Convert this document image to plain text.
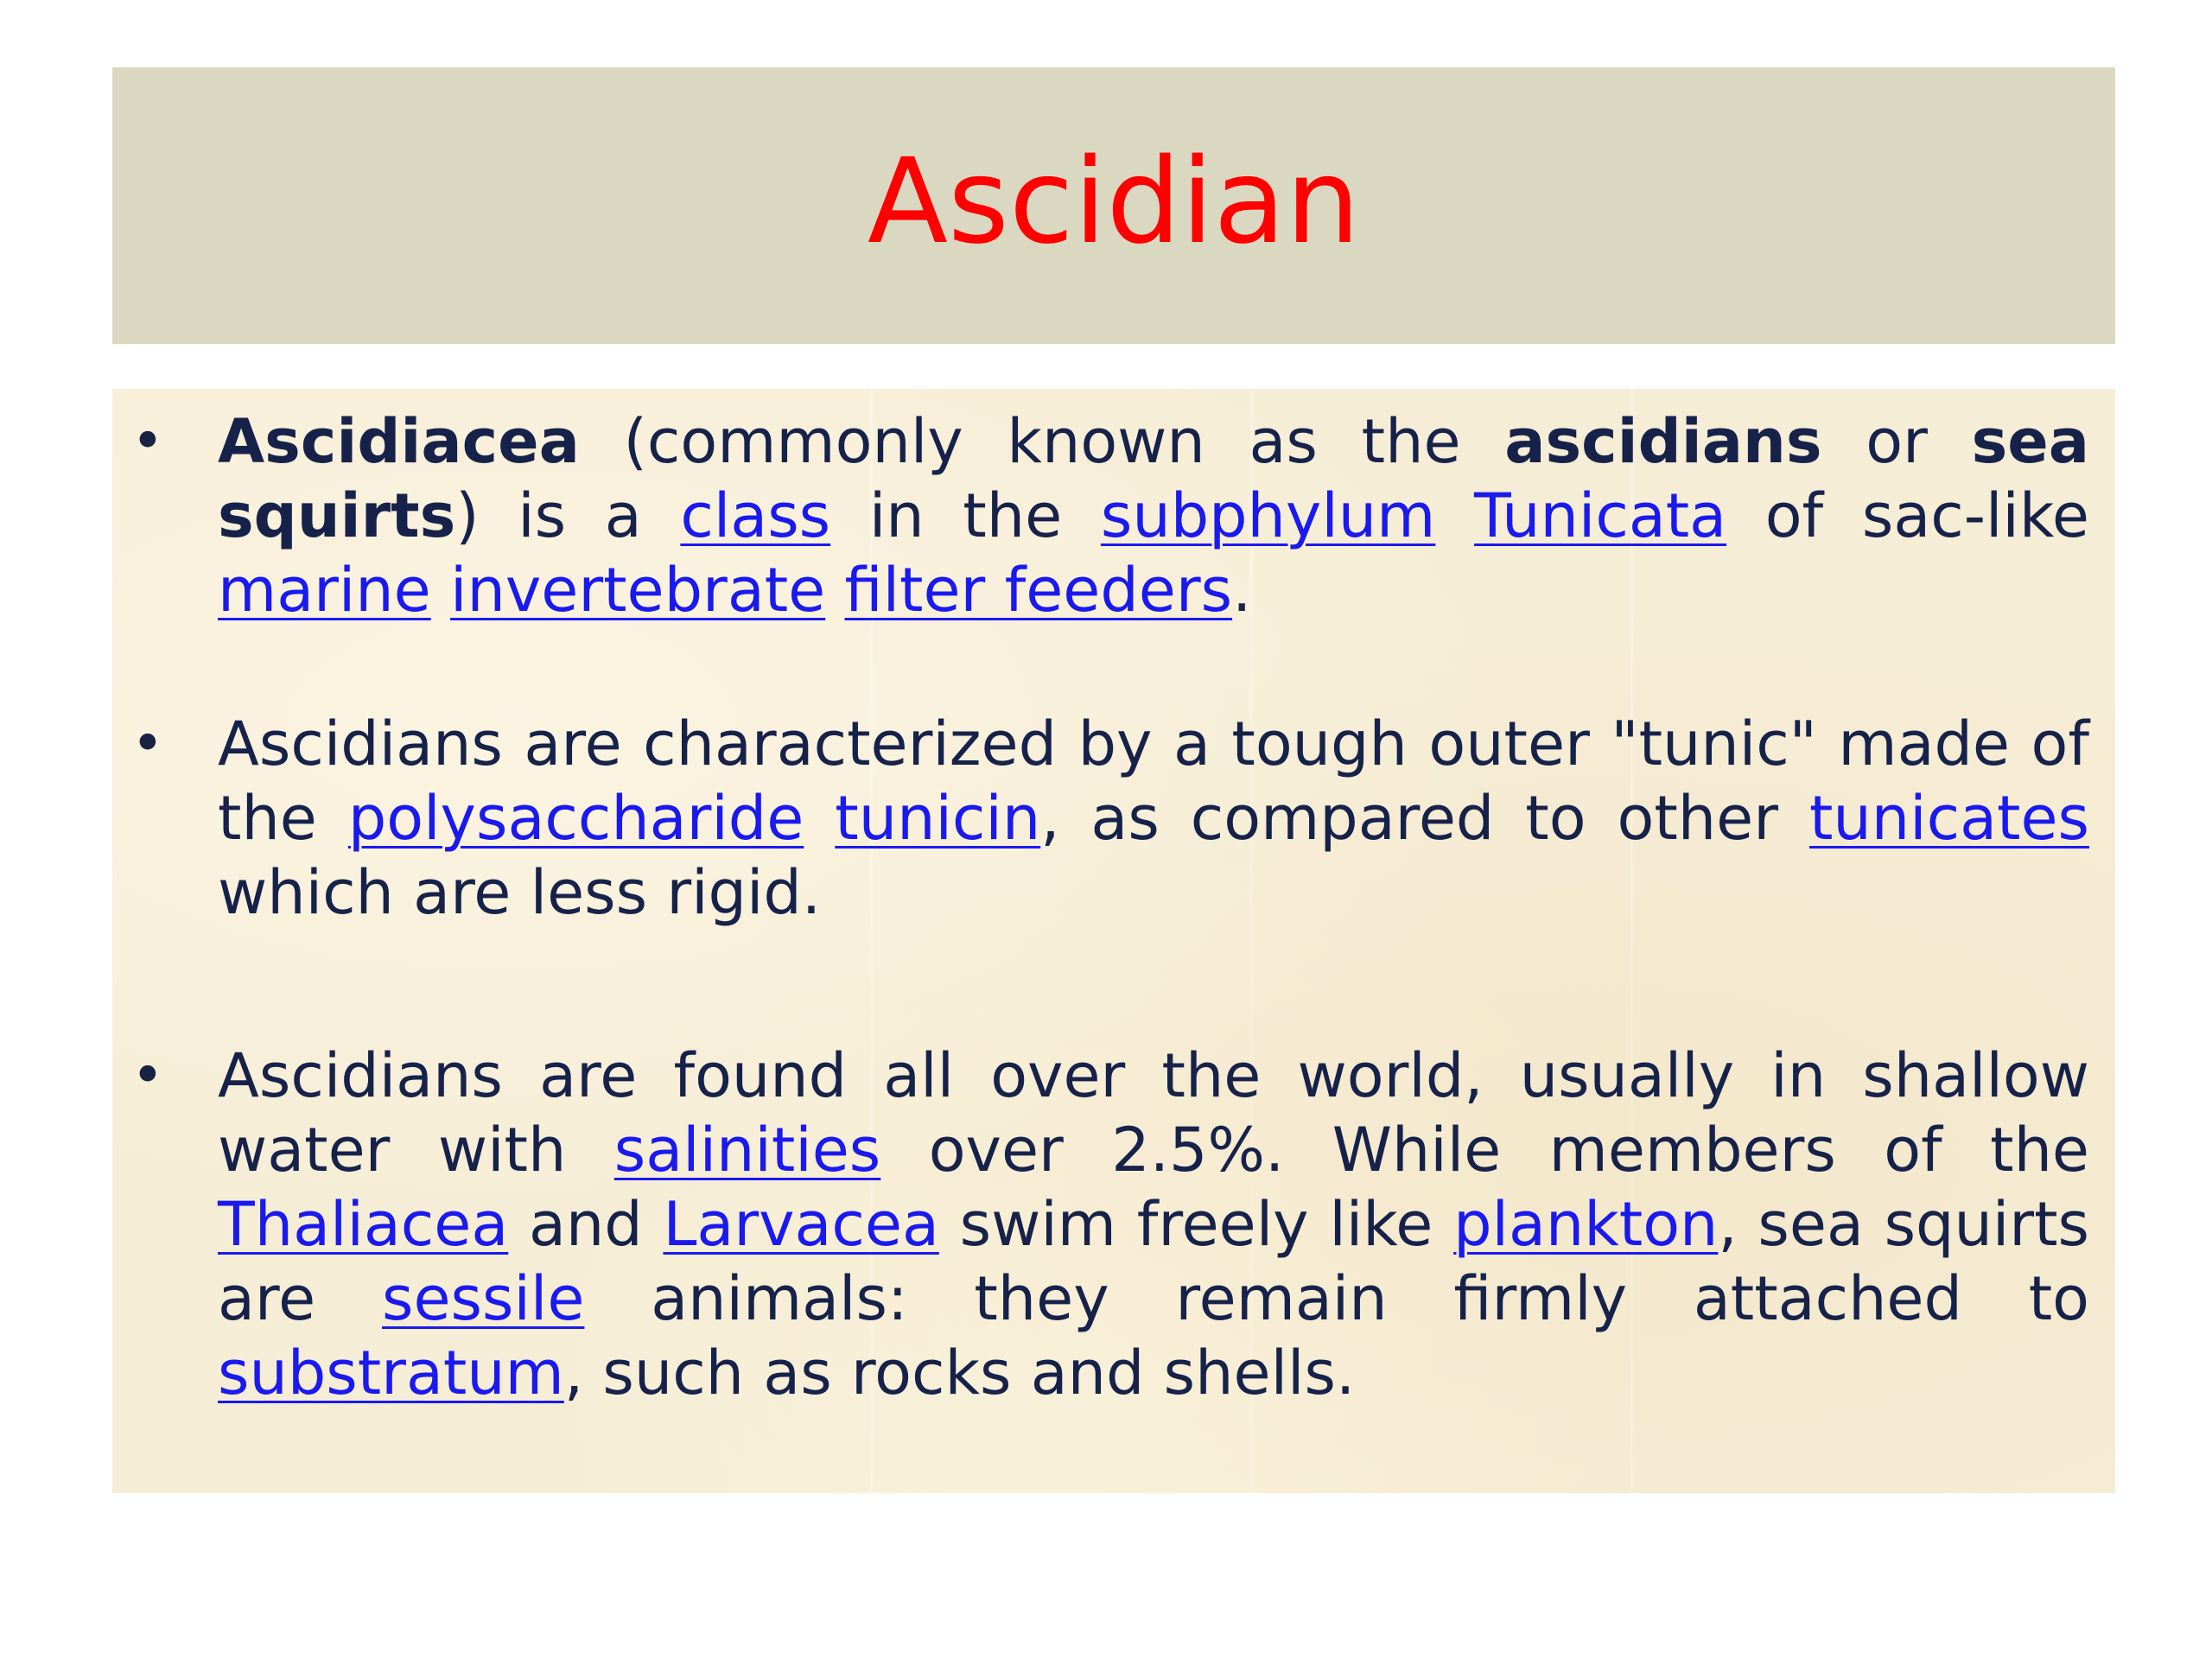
Ascidian
• Ascidiacea (commonly known as the ascidians or sea squirts) is a class in the subphylum Tunicata of sac-like marine invertebrate filter feeders.
• Ascidians are characterized by a tough outer "tunic" made of the polysaccharide tunicin, as compared to other tunicates which are less rigid.
• Ascidians are found all over the world, usually in shallow water with salinities over 2.5%. While members of the Thaliacea and Larvacea swim freely like plankton, sea squirts are sessile animals: they remain firmly attached to substratum, such as rocks and shells.
